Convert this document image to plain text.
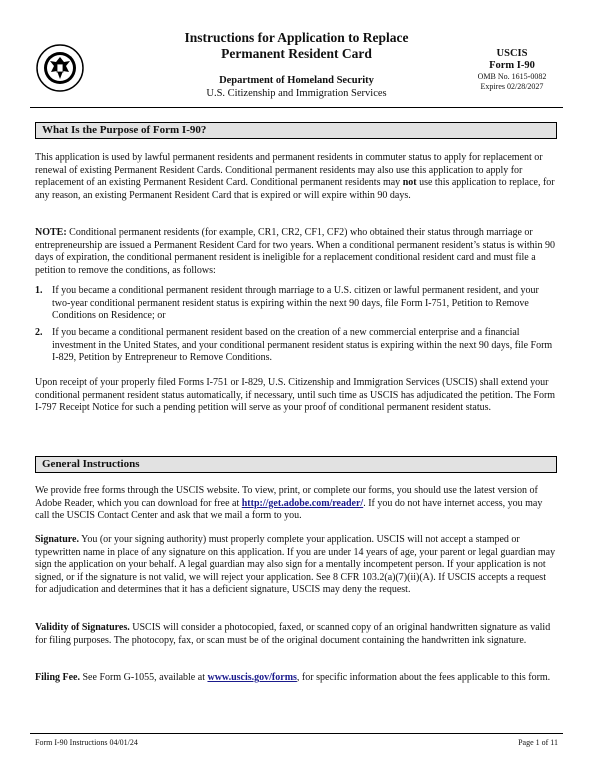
Instructions for Application to Replace
Permanent Resident Card
Department of Homeland Security
U.S. Citizenship and Immigration Services
USCIS
Form I-90
OMB No. 1615-0082
Expires 02/28/2027
What Is the Purpose of Form I-90?

This application is used by lawful permanent residents and permanent residents in commuter status to apply for replacement or renewal of existing Permanent Resident Cards. Conditional permanent residents may also use this application to apply for replacement of an existing Permanent Resident Card. Conditional permanent residents may not use this application to replace, for any reason, an existing Permanent Resident Card that is expired or will expire within 90 days.

NOTE: Conditional permanent residents (for example, CR1, CR2, CF1, CF2) who obtained their status through marriage or entrepreneurship are issued a Permanent Resident Card for two years. When a conditional permanent resident’s status is within 90 days of expiration, the conditional permanent resident is ineligible for a replacement conditional resident card and must file a petition to remove the conditions, as follows:

1. If you became a conditional permanent resident through marriage to a U.S. citizen or lawful permanent resident, and your two-year conditional permanent resident status is expiring within the next 90 days, file Form I-751, Petition to Remove Conditions on Residence; or
2. If you became a conditional permanent resident based on the creation of a new commercial enterprise and a financial investment in the United States, and your conditional permanent resident status is expiring within the next 90 days, file Form I-829, Petition by Entrepreneur to Remove Conditions.

Upon receipt of your properly filed Forms I-751 or I-829, U.S. Citizenship and Immigration Services (USCIS) shall extend your conditional permanent resident status automatically, if necessary, until such time as USCIS has adjudicated the petition. The Form I-797 Receipt Notice for such a pending petition will serve as your proof of conditional permanent resident status.

General Instructions

We provide free forms through the USCIS website. To view, print, or complete our forms, you should use the latest version of Adobe Reader, which you can download for free at http://get.adobe.com/reader/. If you do not have internet access, you may call the USCIS Contact Center and ask that we mail a form to you.

Signature. You (or your signing authority) must properly complete your application. USCIS will not accept a stamped or typewritten name in place of any signature on this application. If you are under 14 years of age, your parent or legal guardian may sign the application on your behalf. A legal guardian may also sign for a mentally incompetent person. If your application is not signed, or if the signature is not valid, we will reject your application. See 8 CFR 103.2(a)(7)(ii)(A). If USCIS accepts a request for adjudication and determines that it has a deficient signature, USCIS may deny the request.

Validity of Signatures. USCIS will consider a photocopied, faxed, or scanned copy of an original handwritten signature as valid for filing purposes. The photocopy, fax, or scan must be of the original document containing the handwritten ink signature.

Filing Fee. See Form G-1055, available at www.uscis.gov/forms, for specific information about the fees applicable to this form.

Form I-90 Instructions 04/01/24	Page 1 of 11
